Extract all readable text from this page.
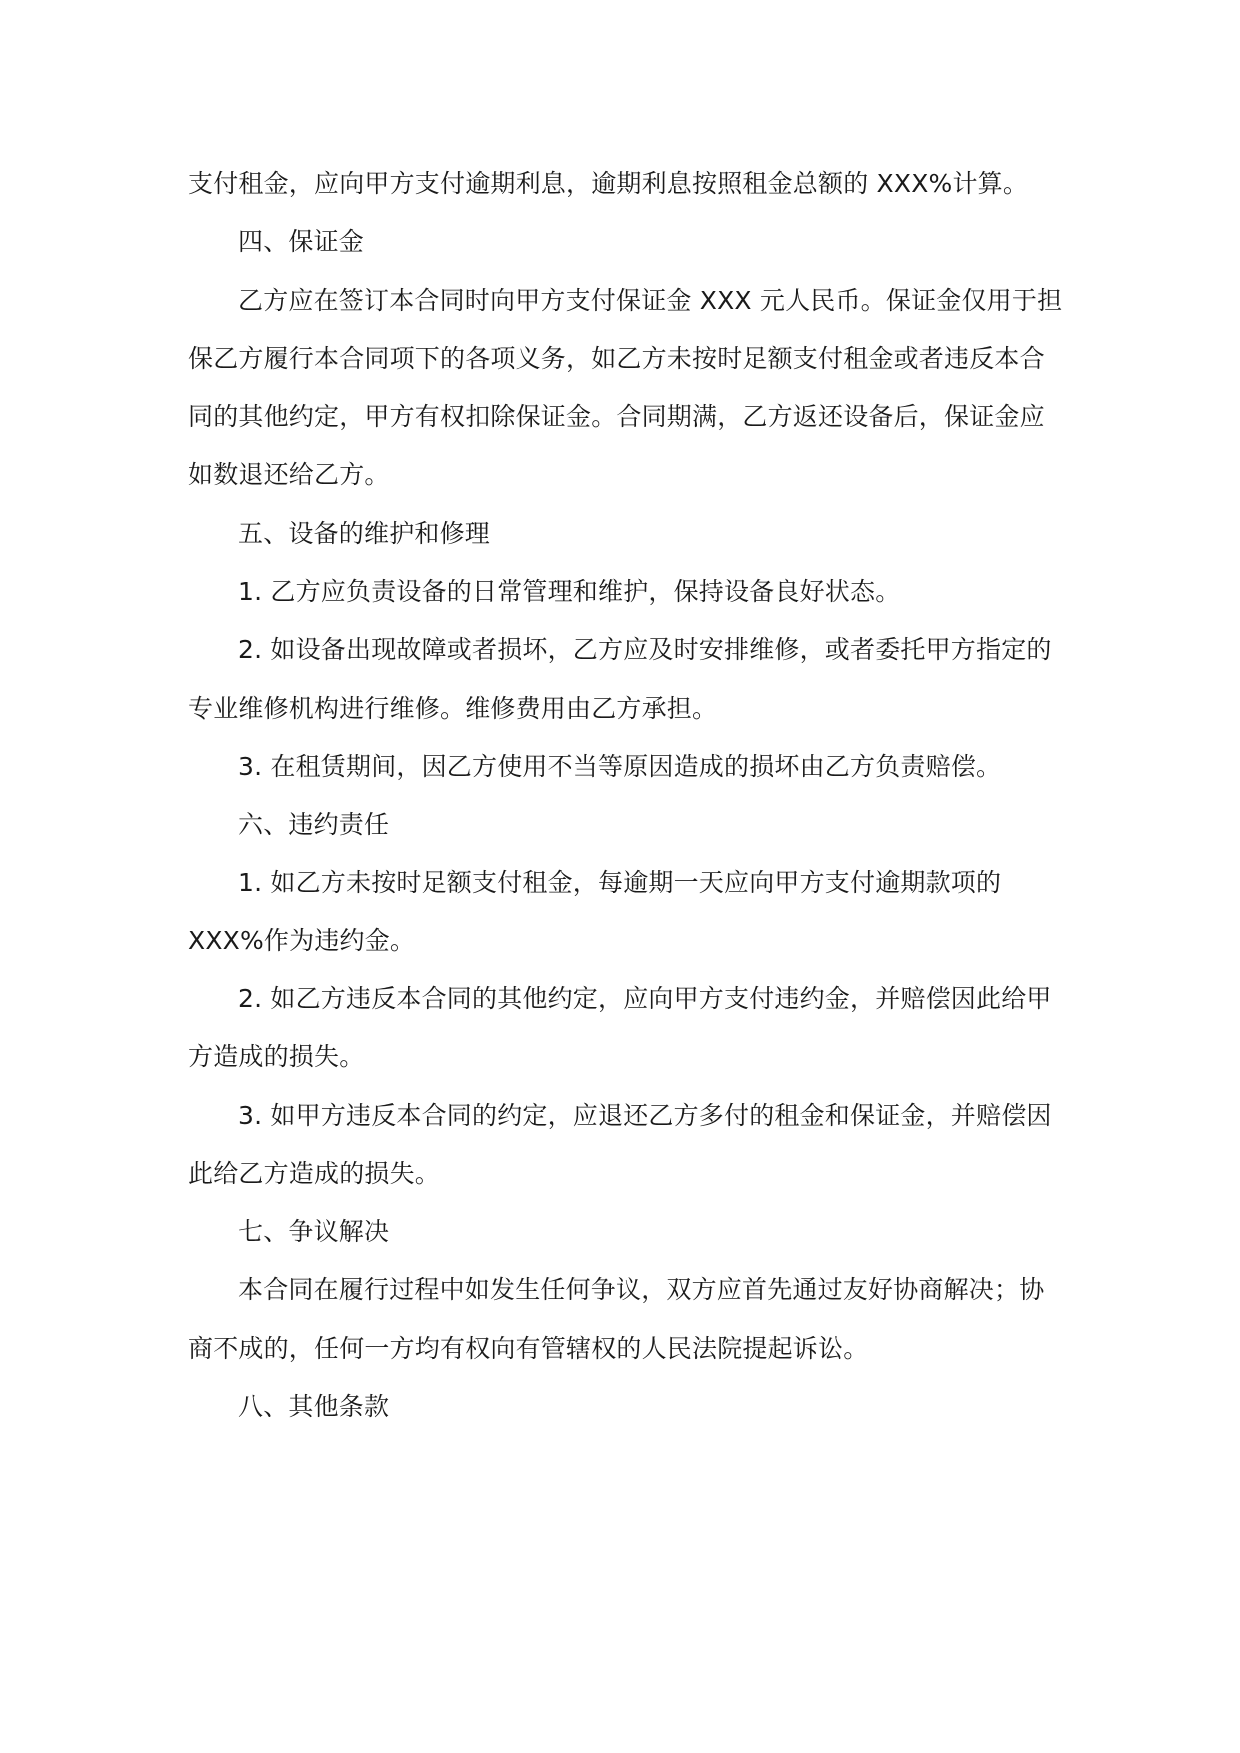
支付租金，应向甲方支付逾期利息，逾期利息按照租金总额的 XXX%计算。
四、保证金
乙方应在签订本合同时向甲方支付保证金 XXX 元人民币。保证金仅用于担
保乙方履行本合同项下的各项义务，如乙方未按时足额支付租金或者违反本合
同的其他约定，甲方有权扣除保证金。合同期满，乙方返还设备后，保证金应
如数退还给乙方。
五、设备的维护和修理
1. 乙方应负责设备的日常管理和维护，保持设备良好状态。
2. 如设备出现故障或者损坏，乙方应及时安排维修，或者委托甲方指定的
专业维修机构进行维修。维修费用由乙方承担。
3. 在租赁期间，因乙方使用不当等原因造成的损坏由乙方负责赔偿。
六、违约责任
1. 如乙方未按时足额支付租金，每逾期一天应向甲方支付逾期款项的
XXX%作为违约金。
2. 如乙方违反本合同的其他约定，应向甲方支付违约金，并赔偿因此给甲
方造成的损失。
3. 如甲方违反本合同的约定，应退还乙方多付的租金和保证金，并赔偿因
此给乙方造成的损失。
七、争议解决
本合同在履行过程中如发生任何争议，双方应首先通过友好协商解决；协
商不成的，任何一方均有权向有管辖权的人民法院提起诉讼。
八、其他条款
